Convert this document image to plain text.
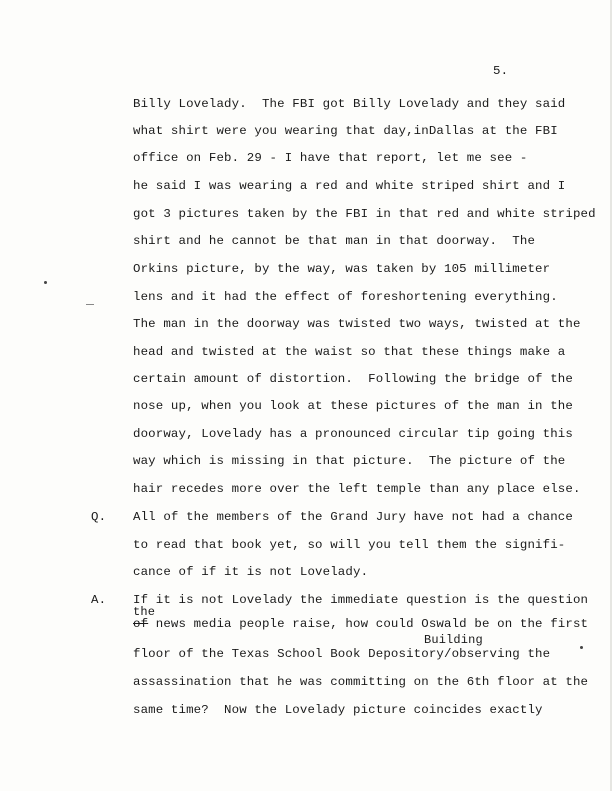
5.
Billy Lovelady.  The FBI got Billy Lovelady and they said
what shirt were you wearing that day,inDallas at the FBI
office on Feb. 29 - I have that report, let me see -
he said I was wearing a red and white striped shirt and I
got 3 pictures taken by the FBI in that red and white striped
shirt and he cannot be that man in that doorway.  The
Orkins picture, by the way, was taken by 105 millimeter
lens and it had the effect of foreshortening everything.
The man in the doorway was twisted two ways, twisted at the
head and twisted at the waist so that these things make a
certain amount of distortion.  Following the bridge of the
nose up, when you look at these pictures of the man in the
doorway, Lovelady has a pronounced circular tip going this
way which is missing in that picture.  The picture of the
hair recedes more over the left temple than any place else.
Q. All of the members of the Grand Jury have not had a chance
to read that book yet, so will you tell them the signifi-
cance of if it is not Lovelady.
A. If it is not Lovelady the immediate question is the question
the
of news media people raise, how could Oswald be on the first
Building
floor of the Texas School Book Depository/observing the
assassination that he was committing on the 6th floor at the
same time?  Now the Lovelady picture coincides exactly
